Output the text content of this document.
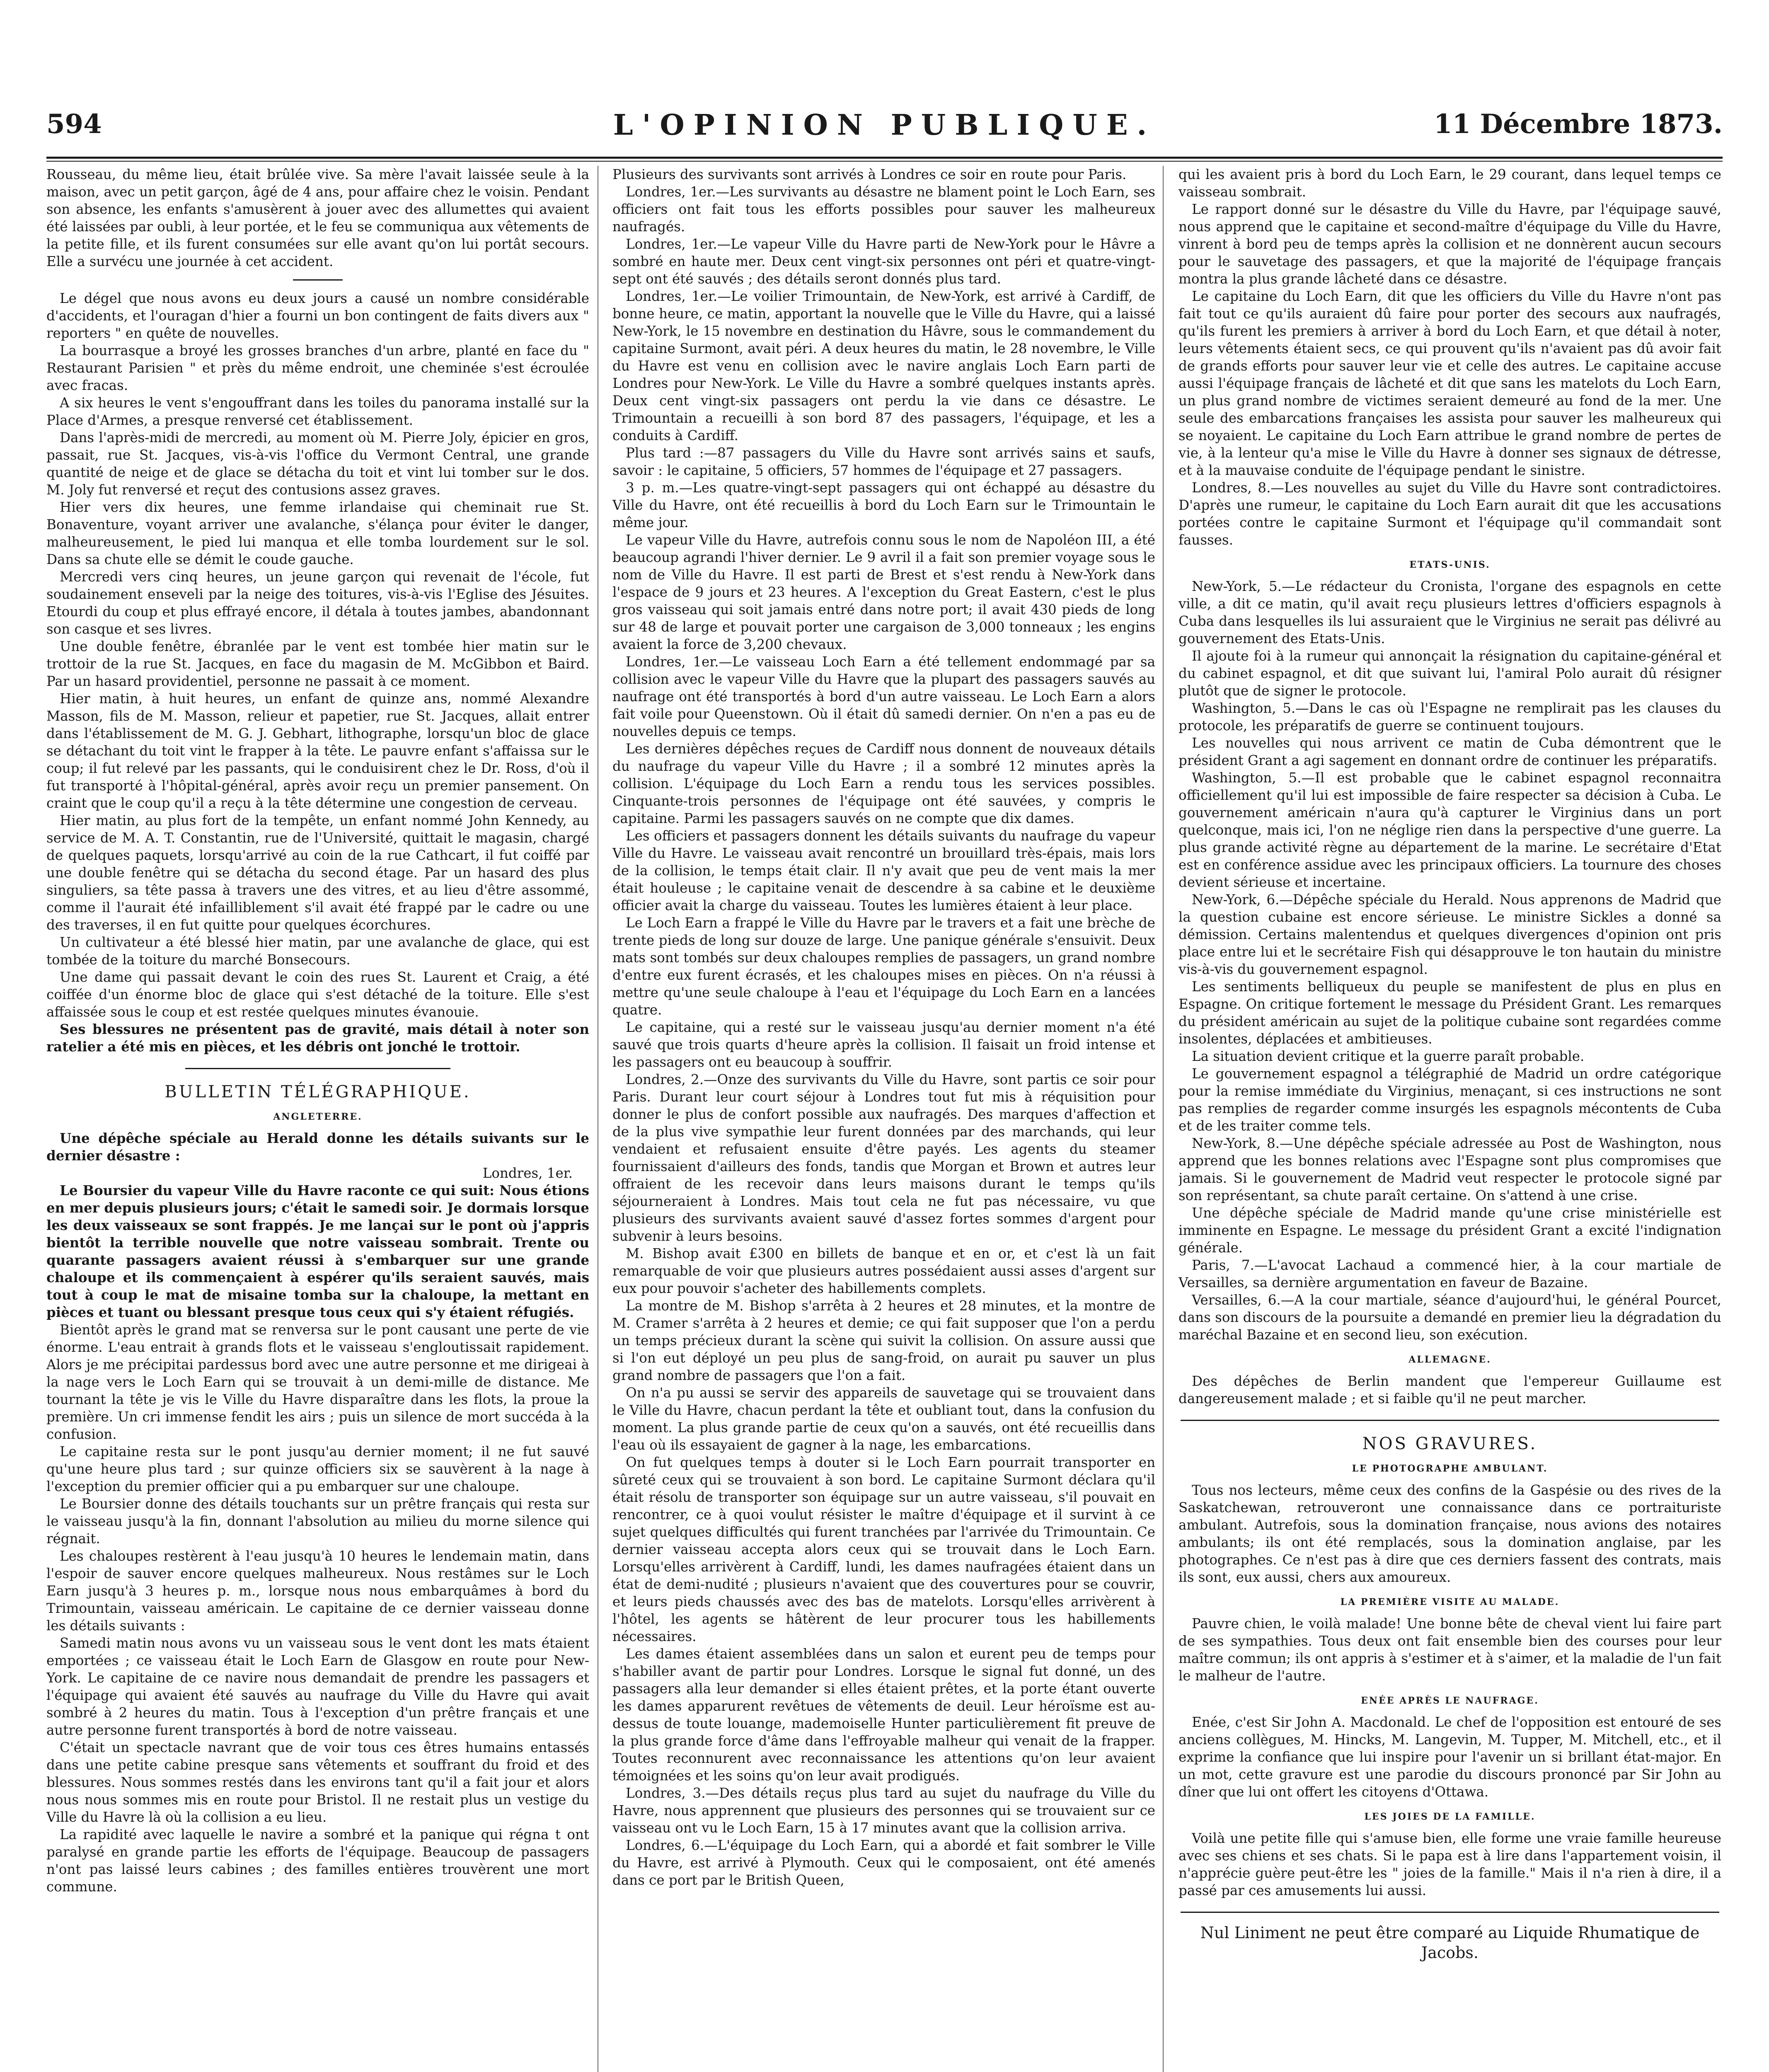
594	L'OPINION PUBLIQUE.	11 Décembre 1873.

Rousseau, du même lieu, était brûlée vive. Sa mère l'avait laissée seule à la maison, avec un petit garçon, âgé de 4 ans, pour affaire chez le voisin. Pendant son absence, les enfants s'amusèrent à jouer avec des allumettes qui avaient été laissées par oubli, à leur portée, et le feu se communiqua aux vêtements de la petite fille, et ils furent consumées sur elle avant qu'on lui portât secours. Elle a survécu une journée à cet accident.

Le dégel que nous avons eu deux jours a causé un nombre considérable d'accidents, et l'ouragan d'hier a fourni un bon contingent de faits divers aux " reporters " en quête de nouvelles.

La bourrasque a broyé les grosses branches d'un arbre, planté en face du " Restaurant Parisien " et près du même endroit, une cheminée s'est écroulée avec fracas.

A six heures le vent s'engouffrant dans les toiles du panorama installé sur la Place d'Armes, a presque renversé cet établissement.

Dans l'après-midi de mercredi, au moment où M. Pierre Joly, épicier en gros, passait, rue St. Jacques, vis-à-vis l'office du Vermont Central, une grande quantité de neige et de glace se détacha du toit et vint lui tomber sur le dos. M. Joly fut renversé et reçut des contusions assez graves.

Hier vers dix heures, une femme irlandaise qui cheminait rue St. Bonaventure, voyant arriver une avalanche, s'élança pour éviter le danger, malheureusement, le pied lui manqua et elle tomba lourdement sur le sol. Dans sa chute elle se démit le coude gauche.

Mercredi vers cinq heures, un jeune garçon qui revenait de l'école, fut soudainement enseveli par la neige des toitures, vis-à-vis l'Eglise des Jésuites. Etourdi du coup et plus effrayé encore, il détala à toutes jambes, abandonnant son casque et ses livres.

Une double fenêtre, ébranlée par le vent est tombée hier matin sur le trottoir de la rue St. Jacques, en face du magasin de M. McGibbon et Baird. Par un hasard providentiel, personne ne passait à ce moment.

Hier matin, à huit heures, un enfant de quinze ans, nommé Alexandre Masson, fils de M. Masson, relieur et papetier, rue St. Jacques, allait entrer dans l'établissement de M. G. J. Gebhart, lithographe, lorsqu'un bloc de glace se détachant du toit vint le frapper à la tête. Le pauvre enfant s'affaissa sur le coup; il fut relevé par les passants, qui le conduisirent chez le Dr. Ross, d'où il fut transporté à l'hôpital-général, après avoir reçu un premier pansement. On craint que le coup qu'il a reçu à la tête détermine une congestion de cerveau.

Hier matin, au plus fort de la tempête, un enfant nommé John Kennedy, au service de M. A. T. Constantin, rue de l'Université, quittait le magasin, chargé de quelques paquets, lorsqu'arrivé au coin de la rue Cathcart, il fut coiffé par une double fenêtre qui se détacha du second étage. Par un hasard des plus singuliers, sa tête passa à travers une des vitres, et au lieu d'être assommé, comme il l'aurait été infailliblement s'il avait été frappé par le cadre ou une des traverses, il en fut quitte pour quelques écorchures.

Un cultivateur a été blessé hier matin, par une avalanche de glace, qui est tombée de la toiture du marché Bonsecours.

Une dame qui passait devant le coin des rues St. Laurent et Craig, a été coiffée d'un énorme bloc de glace qui s'est détaché de la toiture. Elle s'est affaissée sous le coup et est restée quelques minutes évanouie.

Ses blessures ne présentent pas de gravité, mais détail à noter son ratelier a été mis en pièces, et les débris ont jonché le trottoir.

BULLETIN TÉLÉGRAPHIQUE.
ANGLETERRE.

Une dépêche spéciale au Herald donne les détails suivants sur le dernier désastre :

Londres, 1er.

Le Boursier du vapeur Ville du Havre raconte ce qui suit: Nous étions en mer depuis plusieurs jours; c'était le samedi soir. Je dormais lorsque les deux vaisseaux se sont frappés. Je me lançai sur le pont où j'appris bientôt la terrible nouvelle que notre vaisseau sombrait. Trente ou quarante passagers avaient réussi à s'embarquer sur une grande chaloupe et ils commençaient à espérer qu'ils seraient sauvés, mais tout à coup le mat de misaine tomba sur la chaloupe, la mettant en pièces et tuant ou blessant presque tous ceux qui s'y étaient réfugiés.

Bientôt après le grand mat se renversa sur le pont causant une perte de vie énorme. L'eau entrait à grands flots et le vaisseau s'engloutissait rapidement. Alors je me précipitai pardessus bord avec une autre personne et me dirigeai à la nage vers le Loch Earn qui se trouvait à un demi-mille de distance. Me tournant la tête je vis le Ville du Havre disparaître dans les flots, la proue la première. Un cri immense fendit les airs ; puis un silence de mort succéda à la confusion.

Le capitaine resta sur le pont jusqu'au dernier moment; il ne fut sauvé qu'une heure plus tard ; sur quinze officiers six se sauvèrent à la nage à l'exception du premier officier qui a pu embarquer sur une chaloupe.

Le Boursier donne des détails touchants sur un prêtre français qui resta sur le vaisseau jusqu'à la fin, donnant l'absolution au milieu du morne silence qui régnait.

Les chaloupes restèrent à l'eau jusqu'à 10 heures le lendemain matin, dans l'espoir de sauver encore quelques malheureux. Nous restâmes sur le Loch Earn jusqu'à 3 heures p. m., lorsque nous nous embarquâmes à bord du Trimountain, vaisseau américain. Le capitaine de ce dernier vaisseau donne les détails suivants :

Samedi matin nous avons vu un vaisseau sous le vent dont les mats étaient emportées ; ce vaisseau était le Loch Earn de Glasgow en route pour New-York. Le capitaine de ce navire nous demandait de prendre les passagers et l'équipage qui avaient été sauvés au naufrage du Ville du Havre qui avait sombré à 2 heures du matin. Tous à l'exception d'un prêtre français et une autre personne furent transportés à bord de notre vaisseau.

C'était un spectacle navrant que de voir tous ces êtres humains entassés dans une petite cabine presque sans vêtements et souffrant du froid et des blessures. Nous sommes restés dans les environs tant qu'il a fait jour et alors nous nous sommes mis en route pour Bristol. Il ne restait plus un vestige du Ville du Havre là où la collision a eu lieu.

La rapidité avec laquelle le navire a sombré et la panique qui régna t ont paralysé en grande partie les efforts de l'équipage. Beaucoup de passagers n'ont pas laissé leurs cabines ; des familles entières trouvèrent une mort commune.

Plusieurs des survivants sont arrivés à Londres ce soir en route pour Paris.

Londres, 1er.—Les survivants au désastre ne blament point le Loch Earn, ses officiers ont fait tous les efforts possibles pour sauver les malheureux naufragés.

Londres, 1er.—Le vapeur Ville du Havre parti de New-York pour le Hâvre a sombré en haute mer. Deux cent vingt-six personnes ont péri et quatre-vingt-sept ont été sauvés ; des détails seront donnés plus tard.

Londres, 1er.—Le voilier Trimountain, de New-York, est arrivé à Cardiff, de bonne heure, ce matin, apportant la nouvelle que le Ville du Havre, qui a laissé New-York, le 15 novembre en destination du Hâvre, sous le commandement du capitaine Surmont, avait péri. A deux heures du matin, le 28 novembre, le Ville du Havre est venu en collision avec le navire anglais Loch Earn parti de Londres pour New-York. Le Ville du Havre a sombré quelques instants après. Deux cent vingt-six passagers ont perdu la vie dans ce désastre. Le Trimountain a recueilli à son bord 87 des passagers, l'équipage, et les a conduits à Cardiff.

Plus tard :—87 passagers du Ville du Havre sont arrivés sains et saufs, savoir : le capitaine, 5 officiers, 57 hommes de l'équipage et 27 passagers.

3 p. m.—Les quatre-vingt-sept passagers qui ont échappé au désastre du Ville du Havre, ont été recueillis à bord du Loch Earn sur le Trimountain le même jour.

Le vapeur Ville du Havre, autrefois connu sous le nom de Napoléon III, a été beaucoup agrandi l'hiver dernier. Le 9 avril il a fait son premier voyage sous le nom de Ville du Havre. Il est parti de Brest et s'est rendu à New-York dans l'espace de 9 jours et 23 heures. A l'exception du Great Eastern, c'est le plus gros vaisseau qui soit jamais entré dans notre port; il avait 430 pieds de long sur 48 de large et pouvait porter une cargaison de 3,000 tonneaux ; les engins avaient la force de 3,200 chevaux.

Londres, 1er.—Le vaisseau Loch Earn a été tellement endommagé par sa collision avec le vapeur Ville du Havre que la plupart des passagers sauvés au naufrage ont été transportés à bord d'un autre vaisseau. Le Loch Earn a alors fait voile pour Queenstown. Où il était dû samedi dernier. On n'en a pas eu de nouvelles depuis ce temps.

Les dernières dépêches reçues de Cardiff nous donnent de nouveaux détails du naufrage du vapeur Ville du Havre ; il a sombré 12 minutes après la collision. L'équipage du Loch Earn a rendu tous les services possibles. Cinquante-trois personnes de l'équipage ont été sauvées, y compris le capitaine. Parmi les passagers sauvés on ne compte que dix dames.

Les officiers et passagers donnent les détails suivants du naufrage du vapeur Ville du Havre. Le vaisseau avait rencontré un brouillard très-épais, mais lors de la collision, le temps était clair. Il n'y avait que peu de vent mais la mer était houleuse ; le capitaine venait de descendre à sa cabine et le deuxième officier avait la charge du vaisseau. Toutes les lumières étaient à leur place.

Le Loch Earn a frappé le Ville du Havre par le travers et a fait une brèche de trente pieds de long sur douze de large. Une panique générale s'ensuivit. Deux mats sont tombés sur deux chaloupes remplies de passagers, un grand nombre d'entre eux furent écrasés, et les chaloupes mises en pièces. On n'a réussi à mettre qu'une seule chaloupe à l'eau et l'équipage du Loch Earn en a lancées quatre.

Le capitaine, qui a resté sur le vaisseau jusqu'au dernier moment n'a été sauvé que trois quarts d'heure après la collision. Il faisait un froid intense et les passagers ont eu beaucoup à souffrir.

Londres, 2.—Onze des survivants du Ville du Havre, sont partis ce soir pour Paris. Durant leur court séjour à Londres tout fut mis à réquisition pour donner le plus de confort possible aux naufragés. Des marques d'affection et de la plus vive sympathie leur furent données par des marchands, qui leur vendaient et refusaient ensuite d'être payés. Les agents du steamer fournissaient d'ailleurs des fonds, tandis que Morgan et Brown et autres leur offraient de les recevoir dans leurs maisons durant le temps qu'ils séjourneraient à Londres. Mais tout cela ne fut pas nécessaire, vu que plusieurs des survivants avaient sauvé d'assez fortes sommes d'argent pour subvenir à leurs besoins.

M. Bishop avait £300 en billets de banque et en or, et c'est là un fait remarquable de voir que plusieurs autres possédaient aussi asses d'argent sur eux pour pouvoir s'acheter des habillements complets.

La montre de M. Bishop s'arrêta à 2 heures et 28 minutes, et la montre de M. Cramer s'arrêta à 2 heures et demie; ce qui fait supposer que l'on a perdu un temps précieux durant la scène qui suivit la collision. On assure aussi que si l'on eut déployé un peu plus de sang-froid, on aurait pu sauver un plus grand nombre de passagers que l'on a fait.

On n'a pu aussi se servir des appareils de sauvetage qui se trouvaient dans le Ville du Havre, chacun perdant la tête et oubliant tout, dans la confusion du moment. La plus grande partie de ceux qu'on a sauvés, ont été recueillis dans l'eau où ils essayaient de gagner à la nage, les embarcations.

On fut quelques temps à douter si le Loch Earn pourrait transporter en sûreté ceux qui se trouvaient à son bord. Le capitaine Surmont déclara qu'il était résolu de transporter son équipage sur un autre vaisseau, s'il pouvait en rencontrer, ce à quoi voulut résister le maître d'équipage et il survint à ce sujet quelques difficultés qui furent tranchées par l'arrivée du Trimountain. Ce dernier vaisseau accepta alors ceux qui se trouvait dans le Loch Earn. Lorsqu'elles arrivèrent à Cardiff, lundi, les dames naufragées étaient dans un état de demi-nudité ; plusieurs n'avaient que des couvertures pour se couvrir, et leurs pieds chaussés avec des bas de matelots. Lorsqu'elles arrivèrent à l'hôtel, les agents se hâtèrent de leur procurer tous les habillements nécessaires.

Les dames étaient assemblées dans un salon et eurent peu de temps pour s'habiller avant de partir pour Londres. Lorsque le signal fut donné, un des passagers alla leur demander si elles étaient prêtes, et la porte étant ouverte les dames apparurent revêtues de vêtements de deuil. Leur héroïsme est au-dessus de toute louange, mademoiselle Hunter particulièrement fit preuve de la plus grande force d'âme dans l'effroyable malheur qui venait de la frapper. Toutes reconnurent avec reconnaissance les attentions qu'on leur avaient témoignées et les soins qu'on leur avait prodigués.

Londres, 3.—Des détails reçus plus tard au sujet du naufrage du Ville du Havre, nous apprennent que plusieurs des personnes qui se trouvaient sur ce vaisseau ont vu le Loch Earn, 15 à 17 minutes avant que la collision arriva.

Londres, 6.—L'équipage du Loch Earn, qui a abordé et fait sombrer le Ville du Havre, est arrivé à Plymouth. Ceux qui le composaient, ont été amenés dans ce port par le British Queen,

qui les avaient pris à bord du Loch Earn, le 29 courant, dans lequel temps ce vaisseau sombrait.

Le rapport donné sur le désastre du Ville du Havre, par l'équipage sauvé, nous apprend que le capitaine et second-maître d'équipage du Ville du Havre, vinrent à bord peu de temps après la collision et ne donnèrent aucun secours pour le sauvetage des passagers, et que la majorité de l'équipage français montra la plus grande lâcheté dans ce désastre.

Le capitaine du Loch Earn, dit que les officiers du Ville du Havre n'ont pas fait tout ce qu'ils auraient dû faire pour porter des secours aux naufragés, qu'ils furent les premiers à arriver à bord du Loch Earn, et que détail à noter, leurs vêtements étaient secs, ce qui prouvent qu'ils n'avaient pas dû avoir fait de grands efforts pour sauver leur vie et celle des autres. Le capitaine accuse aussi l'équipage français de lâcheté et dit que sans les matelots du Loch Earn, un plus grand nombre de victimes seraient demeuré au fond de la mer. Une seule des embarcations françaises les assista pour sauver les malheureux qui se noyaient. Le capitaine du Loch Earn attribue le grand nombre de pertes de vie, à la lenteur qu'a mise le Ville du Havre à donner ses signaux de détresse, et à la mauvaise conduite de l'équipage pendant le sinistre.

Londres, 8.—Les nouvelles au sujet du Ville du Havre sont contradictoires. D'après une rumeur, le capitaine du Loch Earn aurait dit que les accusations portées contre le capitaine Surmont et l'équipage qu'il commandait sont fausses.

ETATS-UNIS.

New-York, 5.—Le rédacteur du Cronista, l'organe des espagnols en cette ville, a dit ce matin, qu'il avait reçu plusieurs lettres d'officiers espagnols à Cuba dans lesquelles ils lui assuraient que le Virginius ne serait pas délivré au gouvernement des Etats-Unis.

Il ajoute foi à la rumeur qui annonçait la résignation du capitaine-général et du cabinet espagnol, et dit que suivant lui, l'amiral Polo aurait dû résigner plutôt que de signer le protocole.

Washington, 5.—Dans le cas où l'Espagne ne remplirait pas les clauses du protocole, les préparatifs de guerre se continuent toujours.

Les nouvelles qui nous arrivent ce matin de Cuba démontrent que le président Grant a agi sagement en donnant ordre de continuer les préparatifs.

Washington, 5.—Il est probable que le cabinet espagnol reconnaitra officiellement qu'il lui est impossible de faire respecter sa décision à Cuba. Le gouvernement américain n'aura qu'à capturer le Virginius dans un port quelconque, mais ici, l'on ne néglige rien dans la perspective d'une guerre. La plus grande activité règne au département de la marine. Le secrétaire d'Etat est en conférence assidue avec les principaux officiers. La tournure des choses devient sérieuse et incertaine.

New-York, 6.—Dépêche spéciale du Herald. Nous apprenons de Madrid que la question cubaine est encore sérieuse. Le ministre Sickles a donné sa démission. Certains malentendus et quelques divergences d'opinion ont pris place entre lui et le secrétaire Fish qui désapprouve le ton hautain du ministre vis-à-vis du gouvernement espagnol.

Les sentiments belliqueux du peuple se manifestent de plus en plus en Espagne. On critique fortement le message du Président Grant. Les remarques du président américain au sujet de la politique cubaine sont regardées comme insolentes, déplacées et ambitieuses.

La situation devient critique et la guerre paraît probable.

Le gouvernement espagnol a télégraphié de Madrid un ordre catégorique pour la remise immédiate du Virginius, menaçant, si ces instructions ne sont pas remplies de regarder comme insurgés les espagnols mécontents de Cuba et de les traiter comme tels.

New-York, 8.—Une dépêche spéciale adressée au Post de Washington, nous apprend que les bonnes relations avec l'Espagne sont plus compromises que jamais. Si le gouvernement de Madrid veut respecter le protocole signé par son représentant, sa chute paraît certaine. On s'attend à une crise.

Une dépêche spéciale de Madrid mande qu'une crise ministérielle est imminente en Espagne. Le message du président Grant a excité l'indignation générale.

Paris, 7.—L'avocat Lachaud a commencé hier, à la cour martiale de Versailles, sa dernière argumentation en faveur de Bazaine.

Versailles, 6.—A la cour martiale, séance d'aujourd'hui, le général Pourcet, dans son discours de la poursuite a demandé en premier lieu la dégradation du maréchal Bazaine et en second lieu, son exécution.

ALLEMAGNE.

Des dépêches de Berlin mandent que l'empereur Guillaume est dangereusement malade ; et si faible qu'il ne peut marcher.

NOS GRAVURES.
LE PHOTOGRAPHE AMBULANT.

Tous nos lecteurs, même ceux des confins de la Gaspésie ou des rives de la Saskatchewan, retrouveront une connaissance dans ce portraituriste ambulant. Autrefois, sous la domination française, nous avions des notaires ambulants; ils ont été remplacés, sous la domination anglaise, par les photographes. Ce n'est pas à dire que ces derniers fassent des contrats, mais ils sont, eux aussi, chers aux amoureux.

LA PREMIÈRE VISITE AU MALADE.

Pauvre chien, le voilà malade! Une bonne bête de cheval vient lui faire part de ses sympathies. Tous deux ont fait ensemble bien des courses pour leur maître commun; ils ont appris à s'estimer et à s'aimer, et la maladie de l'un fait le malheur de l'autre.

ENÉE APRÈS LE NAUFRAGE.

Enée, c'est Sir John A. Macdonald. Le chef de l'opposition est entouré de ses anciens collègues, M. Hincks, M. Langevin, M. Tupper, M. Mitchell, etc., et il exprime la confiance que lui inspire pour l'avenir un si brillant état-major. En un mot, cette gravure est une parodie du discours prononcé par Sir John au dîner que lui ont offert les citoyens d'Ottawa.

LES JOIES DE LA FAMILLE.

Voilà une petite fille qui s'amuse bien, elle forme une vraie famille heureuse avec ses chiens et ses chats. Si le papa est à lire dans l'appartement voisin, il n'apprécie guère peut-être les " joies de la famille." Mais il n'a rien à dire, il a passé par ces amusements lui aussi.

Nul Liniment ne peut être comparé au Liquide Rhumatique de Jacobs.
